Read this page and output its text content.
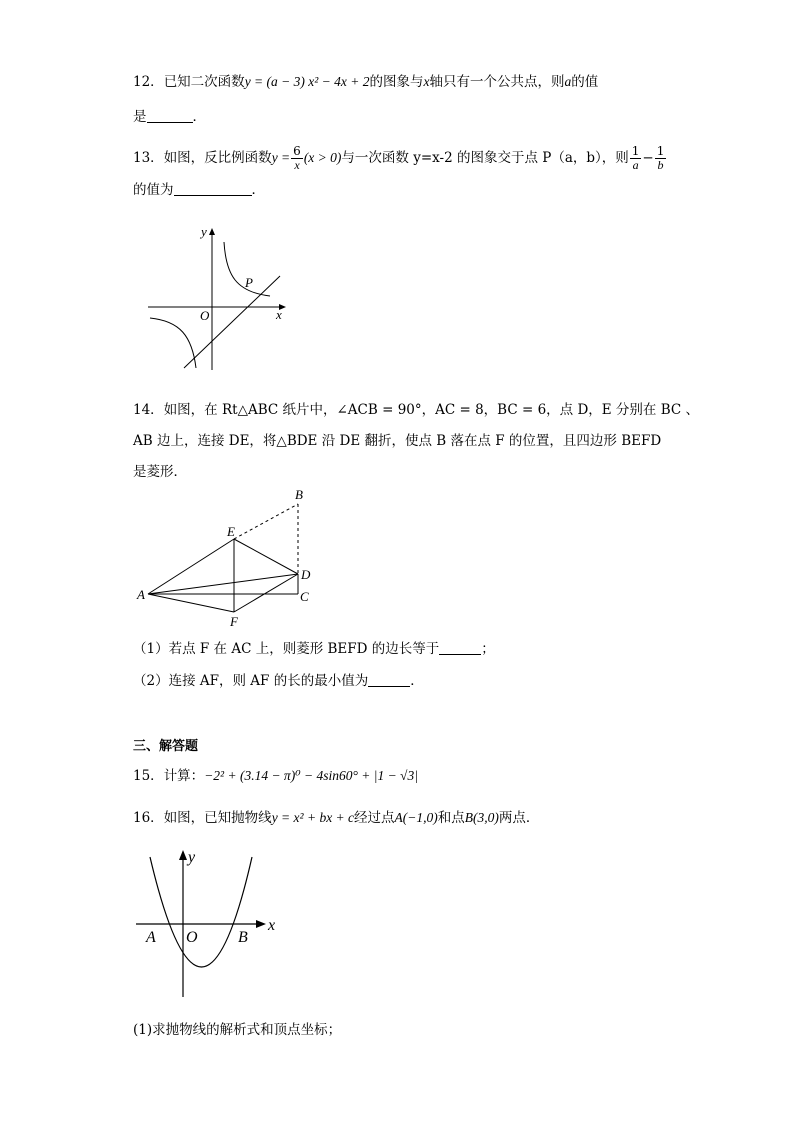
12．已知二次函数y = (a − 3) x² − 4x + 2的图象与x轴只有一个公共点，则a的值
是	．
13．如图，反比例函数$y = \frac{6}{x} (x > 0)$与一次函数 y=x-2 的图象交于点 P（a，b），则 $\frac{1}{a} - \frac{1}{b}$
的值为	．
y
x
O
P
14．如图，在 Rt△ABC 纸片中，∠ACB = 90°，AC = 8，BC = 6，点 D，E 分别在 BC 、
AB 边上，连接 DE，将△BDE 沿 DE 翻折，使点 B 落在点 F 的位置，且四边形 BEFD
是菱形．
A
B
C
D
E
F
（1）若点 F 在 AC 上，则菱形 BEFD 的边长等于	；
（2）连接 AF，则 AF 的长的最小值为	．
三、解答题
15．计算：−2² + (3.14 − π)⁰ − 4sin60° + |1 − √3|
16．如图，已知抛物线y = x² + bx + c经过点A(−1,0)和点B(3,0)两点．
y
x
A O	B
(1)求抛物线的解析式和顶点坐标；
